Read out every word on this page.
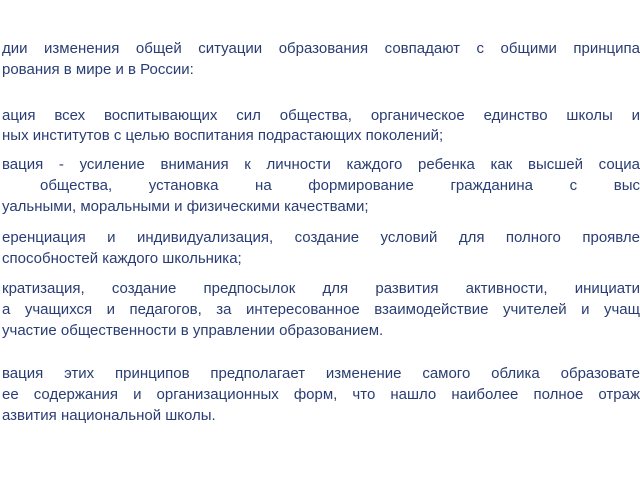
дии изменения общей ситуации образования совпадают с общими принципа
рования в мире и в России:
ация всех воспитывающих сил общества, органическое единство школы и
ных институтов с целью воспитания подрастающих поколений;
вация - усиление внимания к личности каждого ребенка как высшей социа
общества, установка на формирование гражданина с выс
уальными, моральными и физическими качествами;
еренциация и индивидуализация, создание условий для полного проявле
способностей каждого школьника;
кратизация, создание предпосылок для развития активности, инициати
а учащихся и педагогов, за интересованное взаимодействие учителей и учащ
участие общественности в управлении образованием.
вация этих принципов предполагает изменение самого облика образовате
ее содержания и организационных форм, что нашло наиболее полное отраж
азвития национальной школы.
